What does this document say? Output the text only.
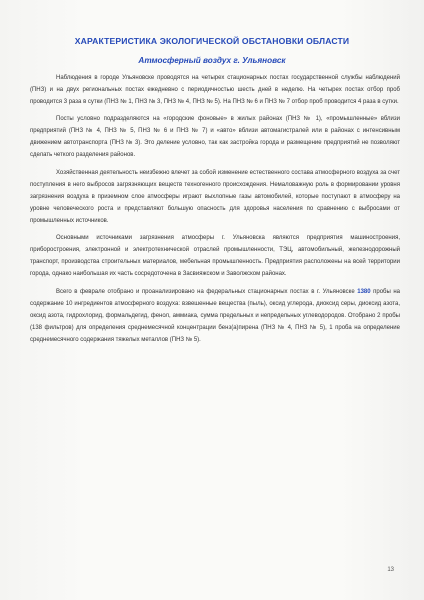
ХАРАКТЕРИСТИКА ЭКОЛОГИЧЕСКОЙ ОБСТАНОВКИ ОБЛАСТИ
Атмосферный воздух г. Ульяновск

Наблюдения в городе Ульяновске проводятся на четырех стационарных постах государственной службы наблюдений (ПНЗ) и на двух региональных постах ежедневно с периодичностью шесть дней в неделю. На четырех постах отбор проб проводится 3 раза в сутки (ПНЗ № 1, ПНЗ № 3, ПНЗ № 4, ПНЗ № 5). На ПНЗ № 6 и ПНЗ № 7 отбор проб проводится 4 раза в сутки.

Посты условно подразделяются на «городские фоновые» в жилых районах (ПНЗ № 1), «промышленные» вблизи предприятий (ПНЗ № 4, ПНЗ № 5, ПНЗ № 6 и ПНЗ № 7) и «авто» вблизи автомагистралей или в районах с интенсивным движением автотранспорта (ПНЗ № 3). Это деление условно, так как застройка города и размещение предприятий не позволяют сделать четкого разделения районов.

Хозяйственная деятельность неизбежно влечет за собой изменение естественного состава атмосферного воздуха за счет поступления в него выбросов загрязняющих веществ техногенного происхождения. Немаловажную роль в формировании уровня загрязнения воздуха в приземном слое атмосферы играют выхлопные газы автомобилей, которые поступают в атмосферу на уровне человеческого роста и представляют большую опасность для здоровья населения по сравнению с выбросами от промышленных источников.

Основными источниками загрязнения атмосферы г. Ульяновска являются предприятия машиностроения, приборостроения, электронной и электротехнической отраслей промышленности, ТЭЦ, автомобильный, железнодорожный транспорт, производства строительных материалов, мебельная промышленность. Предприятия расположены на всей территории города, однако наибольшая их часть сосредоточена в Засвияжском и Заволжском районах.

Всего в феврале отобрано и проанализировано на федеральных стационарных постах в г. Ульяновске 1380 пробы на содержание 10 ингредиентов атмосферного воздуха: взвешенные вещества (пыль), оксид углерода, диоксид серы, диоксид азота, оксид азота, гидрохлорид, формальдегид, фенол, аммиака, сумма предельных и непредельных углеводородов. Отобрано 2 пробы (138 фильтров) для определения среднемесячной концентрации бенз(а)пирена (ПНЗ № 4, ПНЗ № 5), 1 проба на определение среднемесячного содержания тяжелых металлов (ПНЗ № 5).

13
